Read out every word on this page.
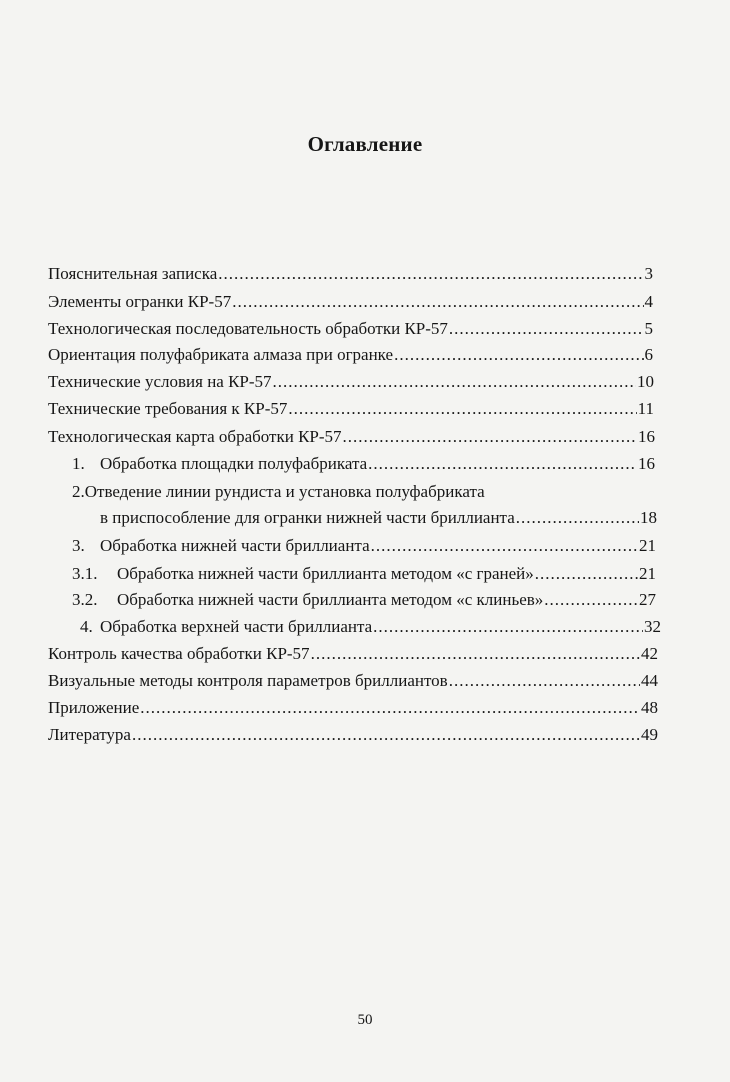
Оглавление
Пояснительная записка .....	3
Элементы огранки КР-57 .....	4
Технологическая последовательность обработки КР-57 .....	5
Ориентация полуфабриката алмаза при огранке .....	6
Технические условия на КР-57 .....	10
Технические требования к КР-57 .....	11
Технологическая карта обработки КР-57 .....	16
1. Обработка площадки полуфабриката .....	16
2.Отведение линии рундиста и установка полуфабриката
в приспособление для огранки нижней части бриллианта .....	18
3. Обработка нижней части бриллианта .....	21
3.1. Обработка нижней части бриллианта методом «с граней» .....	21
3.2. Обработка нижней части бриллианта методом «с клиньев» .....	27
4. Обработка верхней части бриллианта .....	32
Контроль качества обработки КР-57 .....	42
Визуальные методы контроля параметров бриллиантов .....	44
Приложение .....	48
Литература .....	49
50
